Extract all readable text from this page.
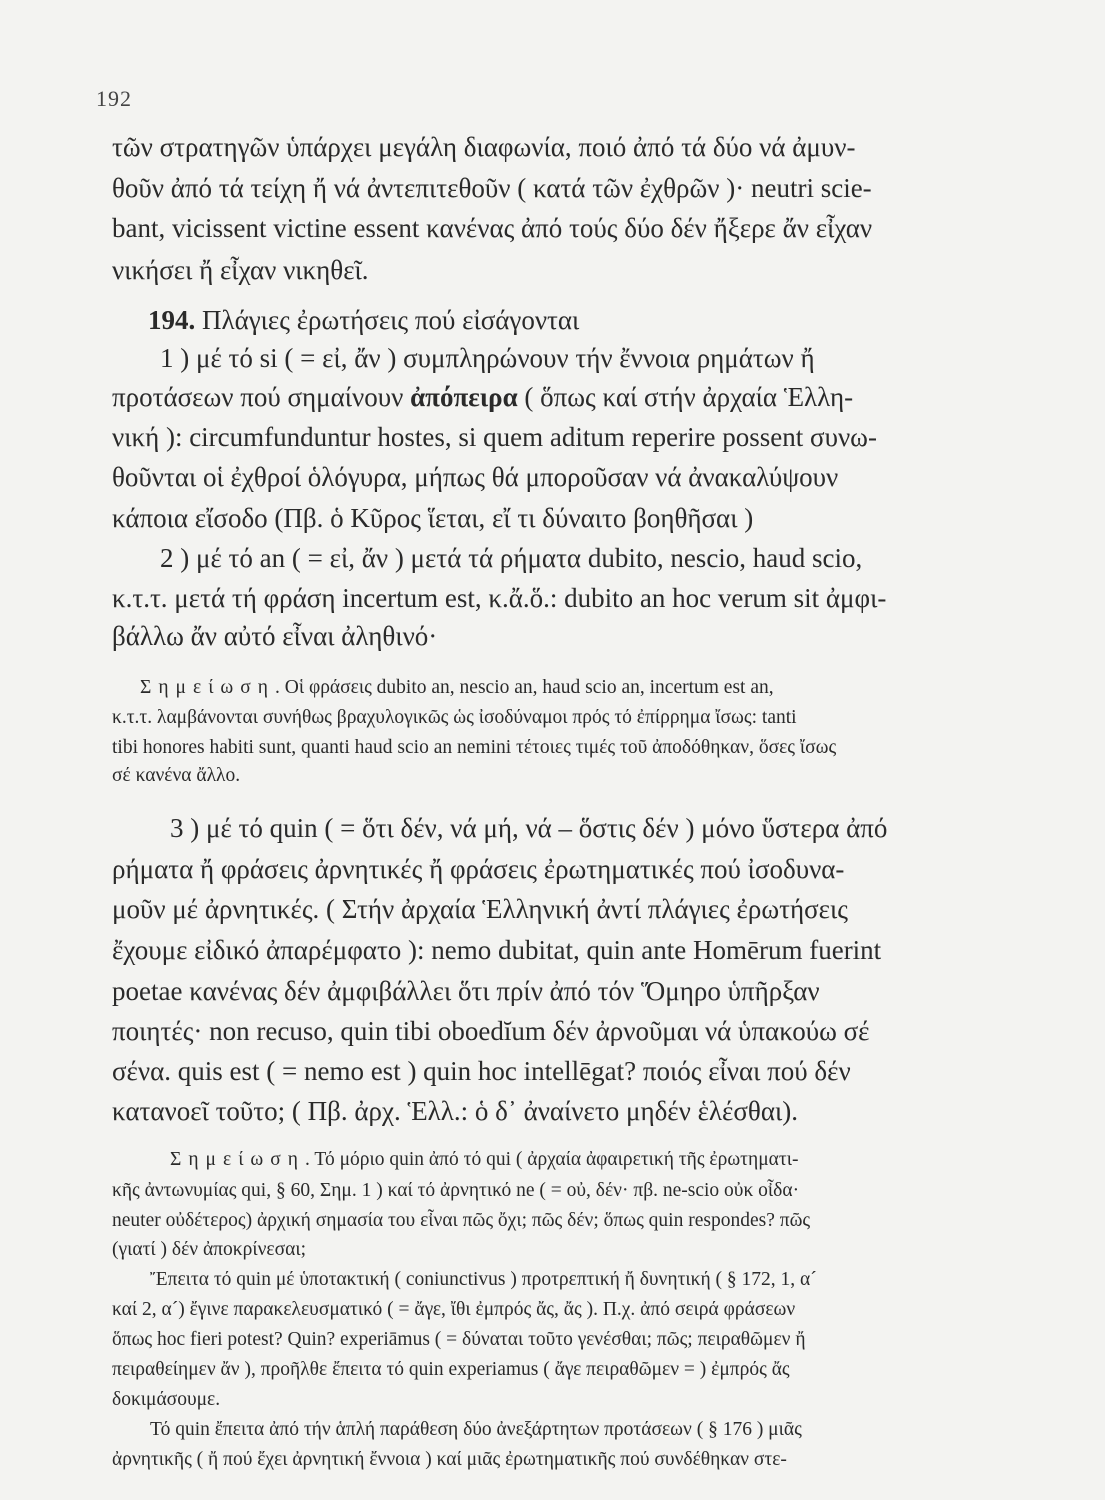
192
τῶν στρατηγῶν ὑπάρχει μεγάλη διαφωνία, ποιό ἀπό τά δύο νά ἀμυν-
θοῦν ἀπό τά τείχη ἤ νά ἀντεπιτεθοῦν ( κατά τῶν ἐχθρῶν )· neutri scie-
bant, vicissent victine essent κανένας ἀπό τούς δύο δέν ἤξερε ἄν εἶχαν
νικήσει ἤ εἶχαν νικηθεῖ.
194. Πλάγιες ἐρωτήσεις πού εἰσάγονται
1 ) μέ τό si ( = εἰ, ἄν ) συμπληρώνουν τήν ἔννοια ρημάτων ἤ
προτάσεων πού σημαίνουν ἀπόπειρα ( ὅπως καί στήν ἀρχαία Ἑλλη-
νική ): circumfunduntur hostes, si quem aditum reperire possent συνω-
θοῦνται οἱ ἐχθροί ὁλόγυρα, μήπως θά μποροῦσαν νά ἀνακαλύψουν
κάποια εἴσοδο (Πβ. ὁ Κῦρος ἵεται, εἴ τι δύναιτο βοηθῆσαι )
2 ) μέ τό an ( = εἰ, ἄν ) μετά τά ρήματα dubito, nescio, haud scio,
κ.τ.τ. μετά τή φράση incertum est, κ.ἄ.ὅ.: dubito an hoc verum sit ἀμφι-
βάλλω ἄν αὐτό εἶναι ἀληθινό·
Σημείωση. Οἱ φράσεις dubito an, nescio an, haud scio an, incertum est an,
κ.τ.τ. λαμβάνονται συνήθως βραχυλογικῶς ὡς ἰσοδύναμοι πρός τό ἐπίρρημα ἴσως: tanti
tibi honores habiti sunt, quanti haud scio an nemini τέτοιες τιμές τοῦ ἀποδόθηκαν, ὅσες ἴσως
σέ κανένα ἄλλο.
3 ) μέ τό quin ( = ὅτι δέν, νά μή, νά – ὅστις δέν ) μόνο ὕστερα ἀπό
ρήματα ἤ φράσεις ἀρνητικές ἤ φράσεις ἐρωτηματικές πού ἰσοδυνα-
μοῦν μέ ἀρνητικές. ( Στήν ἀρχαία Ἑλληνική ἀντί πλάγιες ἐρωτήσεις
ἔχουμε εἰδικό ἀπαρέμφατο ): nemo dubitat, quin ante Homērum fuerint
poetae κανένας δέν ἀμφιβάλλει ὅτι πρίν ἀπό τόν Ὅμηρο ὑπῆρξαν
ποιητές· non recuso, quin tibi oboedĭum δέν ἀρνοῦμαι νά ὑπακούω σέ
σένα. quis est ( = nemo est ) quin hoc intellēgat? ποιός εἶναι πού δέν
κατανοεῖ τοῦτο; ( Πβ. ἀρχ. Ἑλλ.: ὁ δ᾽ ἀναίνετο μηδέν ἑλέσθαι).
Σημείωση. Τό μόριο quin ἀπό τό qui ( ἀρχαία ἀφαιρετική τῆς ἐρωτηματι-
κῆς ἀντωνυμίας qui, § 60, Σημ. 1 ) καί τό ἀρνητικό ne ( = οὐ, δέν· πβ. ne-scio οὐκ οἶδα·
neuter οὐδέτερος) ἀρχική σημασία του εἶναι πῶς ὄχι; πῶς δέν; ὅπως quin respondes? πῶς
(γιατί ) δέν ἀποκρίνεσαι;
Ἔπειτα τό quin μέ ὑποτακτική ( coniunctivus ) προτρεπτική ἤ δυνητική ( § 172, 1, α´
καί 2, α´) ἔγινε παρακελευσματικό ( = ἄγε, ἴθι ἐμπρός ἄς, ἄς ). Π.χ. ἀπό σειρά φράσεων
ὅπως hoc fieri potest? Quin? experiāmus ( = δύναται τοῦτο γενέσθαι; πῶς; πειραθῶμεν ἤ
πειραθείημεν ἄν ), προῆλθε ἔπειτα τό quin experiamus ( ἄγε πειραθῶμεν = ) ἐμπρός ἄς
δοκιμάσουμε.
Τό quin ἔπειτα ἀπό τήν ἁπλή παράθεση δύο ἀνεξάρτητων προτάσεων ( § 176 ) μιᾶς
ἀρνητικῆς ( ἤ πού ἔχει ἀρνητική ἔννοια ) καί μιᾶς ἐρωτηματικῆς πού συνδέθηκαν στε-
